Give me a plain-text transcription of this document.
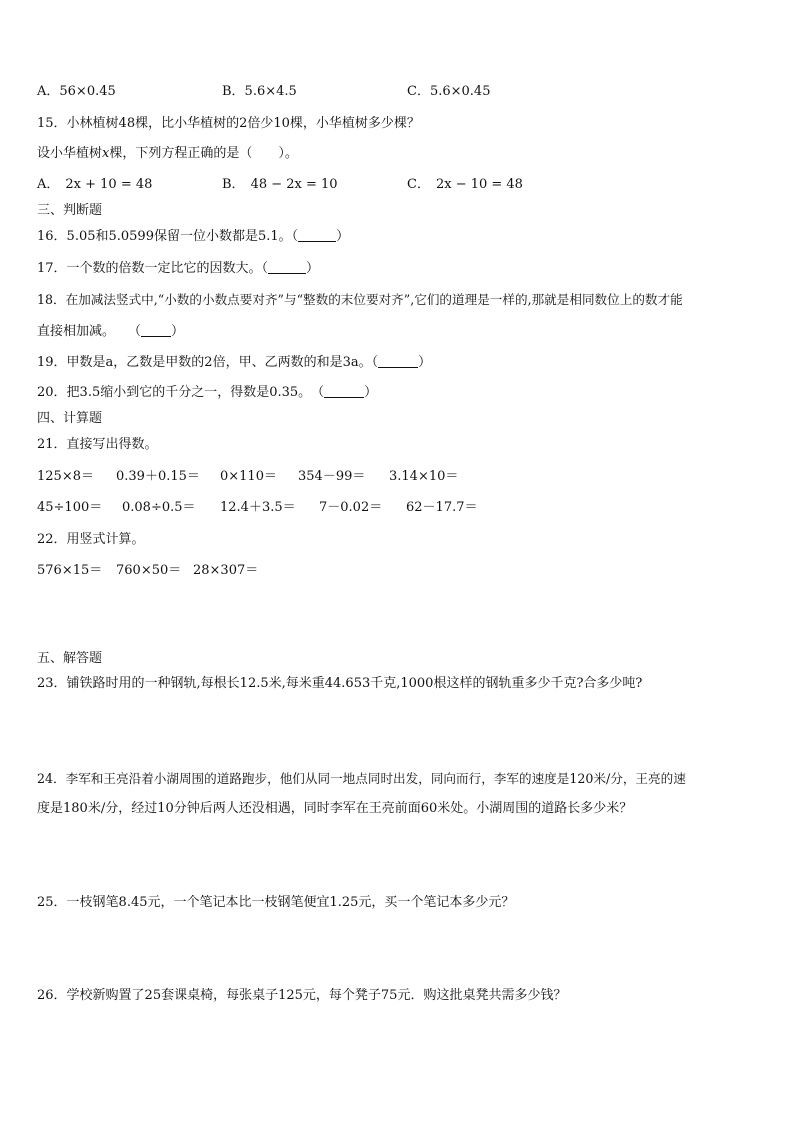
A．56×0.45	B．5.6×4.5	C．5.6×0.45
15．小林植树48棵，比小华植树的2倍少10棵，小华植树多少棵？
设小华植树x棵，下列方程正确的是（　　）。
A． 2x + 10 = 48	B． 48 − 2x = 10	C． 2x − 10 = 48
三、判断题
16．5.05和5.0599保留一位小数都是5.1。（	）
17．一个数的倍数一定比它的因数大。（	）
18．在加减法竖式中,“小数的小数点要对齐”与“整数的末位要对齐”,它们的道理是一样的,那就是相同数位上的数才能
直接相加减。　　（ ）
19．甲数是a，乙数是甲数的2倍，甲、乙两数的和是3a。（	）
20．把3.5缩小到它的千分之一，得数是0.35。　（	）
四、计算题
21．直接写出得数。
125×8＝ 0.39＋0.15＝ 0×110＝ 354－99＝ 3.14×10＝
45÷100＝ 0.08÷0.5＝ 12.4＋3.5＝ 7－0.02＝ 62－17.7＝
22．用竖式计算。
576×15＝ 760×50＝ 28×307＝
五、解答题
23．铺铁路时用的一种钢轨,每根长12.5米,每米重44.653千克,1000根这样的钢轨重多少千克?合多少吨?
24．李军和王亮沿着小湖周围的道路跑步，他们从同一地点同时出发，同向而行，李军的速度是120米/分，王亮的速
度是180米/分，经过10分钟后两人还没相遇，同时李军在王亮前面60米处。小湖周围的道路长多少米？
25．一枝钢笔8.45元，一个笔记本比一枝钢笔便宜1.25元，买一个笔记本多少元？
26．学校新购置了25套课桌椅，每张桌子125元，每个凳子75元．购这批桌凳共需多少钱？
